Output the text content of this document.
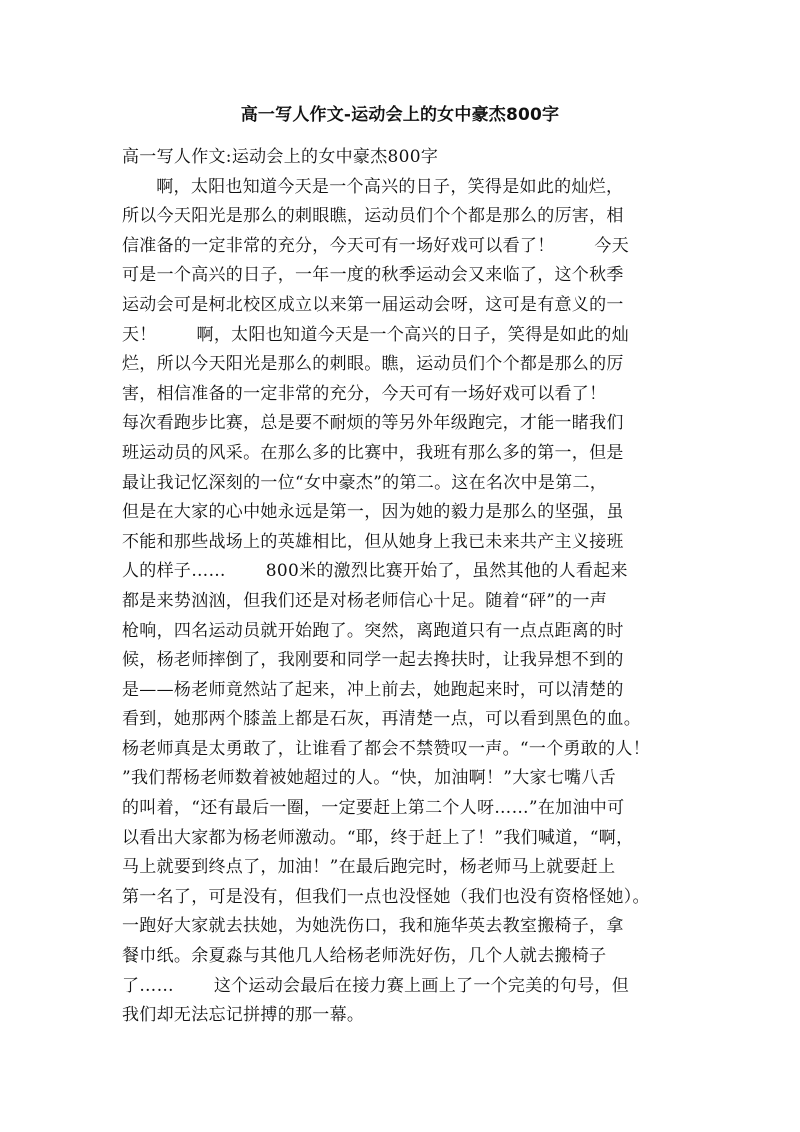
高一写人作文-运动会上的女中豪杰800字
高一写人作文:运动会上的女中豪杰800字
啊，太阳也知道今天是一个高兴的日子，笑得是如此的灿烂，
所以今天阳光是那么的刺眼瞧，运动员们个个都是那么的厉害，相
信准备的一定非常的充分，今天可有一场好戏可以看了！       今天
可是一个高兴的日子，一年一度的秋季运动会又来临了，这个秋季
运动会可是柯北校区成立以来第一届运动会呀，这可是有意义的一
天！       啊，太阳也知道今天是一个高兴的日子，笑得是如此的灿
烂，所以今天阳光是那么的刺眼。瞧，运动员们个个都是那么的厉
害，相信准备的一定非常的充分，今天可有一场好戏可以看了！
每次看跑步比赛，总是要不耐烦的等另外年级跑完，才能一睹我们
班运动员的风采。在那么多的比赛中，我班有那么多的第一，但是
最让我记忆深刻的一位“女中豪杰”的第二。这在名次中是第二，
但是在大家的心中她永远是第一，因为她的毅力是那么的坚强，虽
不能和那些战场上的英雄相比，但从她身上我已未来共产主义接班
人的样子……       800米的激烈比赛开始了，虽然其他的人看起来
都是来势汹汹，但我们还是对杨老师信心十足。随着“砰”的一声
枪响，四名运动员就开始跑了。突然，离跑道只有一点点距离的时
候，杨老师摔倒了，我刚要和同学一起去搀扶时，让我异想不到的
是——杨老师竟然站了起来，冲上前去，她跑起来时，可以清楚的
看到，她那两个膝盖上都是石灰，再清楚一点，可以看到黑色的血。
杨老师真是太勇敢了，让谁看了都会不禁赞叹一声。“一个勇敢的人！
”我们帮杨老师数着被她超过的人。“快，加油啊！”大家七嘴八舌
的叫着，“还有最后一圈，一定要赶上第二个人呀……”在加油中可
以看出大家都为杨老师激动。“耶，终于赶上了！”我们喊道，“啊，
马上就要到终点了，加油！”在最后跑完时，杨老师马上就要赶上
第一名了，可是没有，但我们一点也没怪她（我们也没有资格怪她）。
一跑好大家就去扶她，为她洗伤口，我和施华英去教室搬椅子，拿
餐巾纸。余夏淼与其他几人给杨老师洗好伤，几个人就去搬椅子
了……       这个运动会最后在接力赛上画上了一个完美的句号，但
我们却无法忘记拼搏的那一幕。
